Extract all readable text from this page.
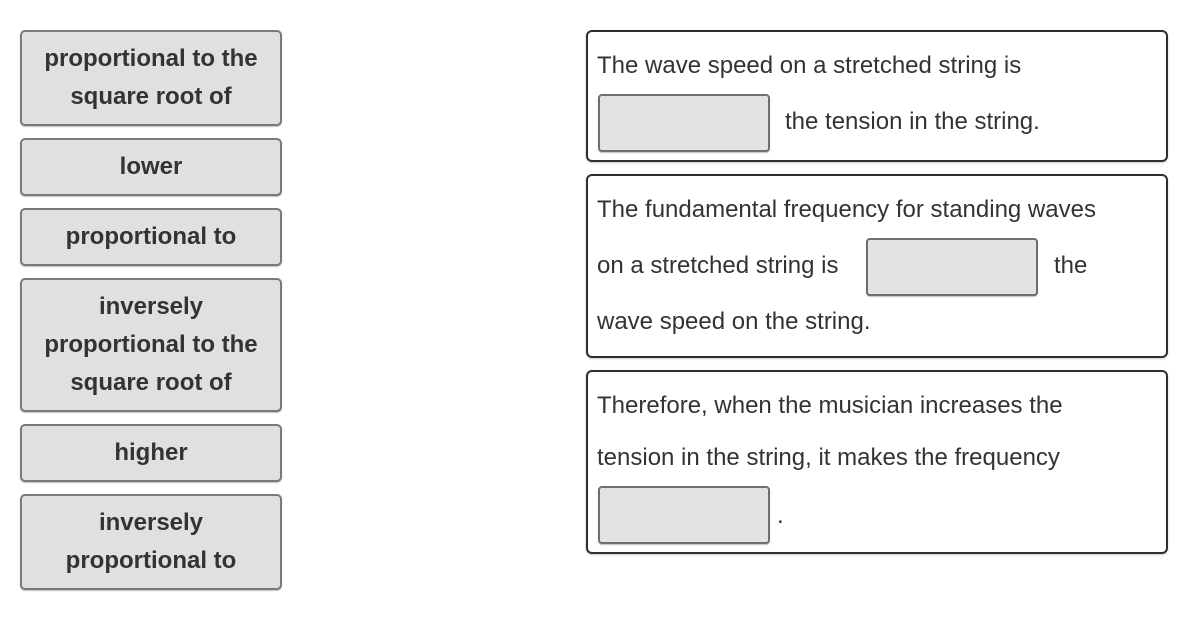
proportional to the
square root of
lower
proportional to
inversely
proportional to the
square root of
higher
inversely
proportional to
The wave speed on a stretched string is
the tension in the string.
The fundamental frequency for standing waves
on a stretched string is	the
wave speed on the string.
Therefore, when the musician increases the
tension in the string, it makes the frequency
.
